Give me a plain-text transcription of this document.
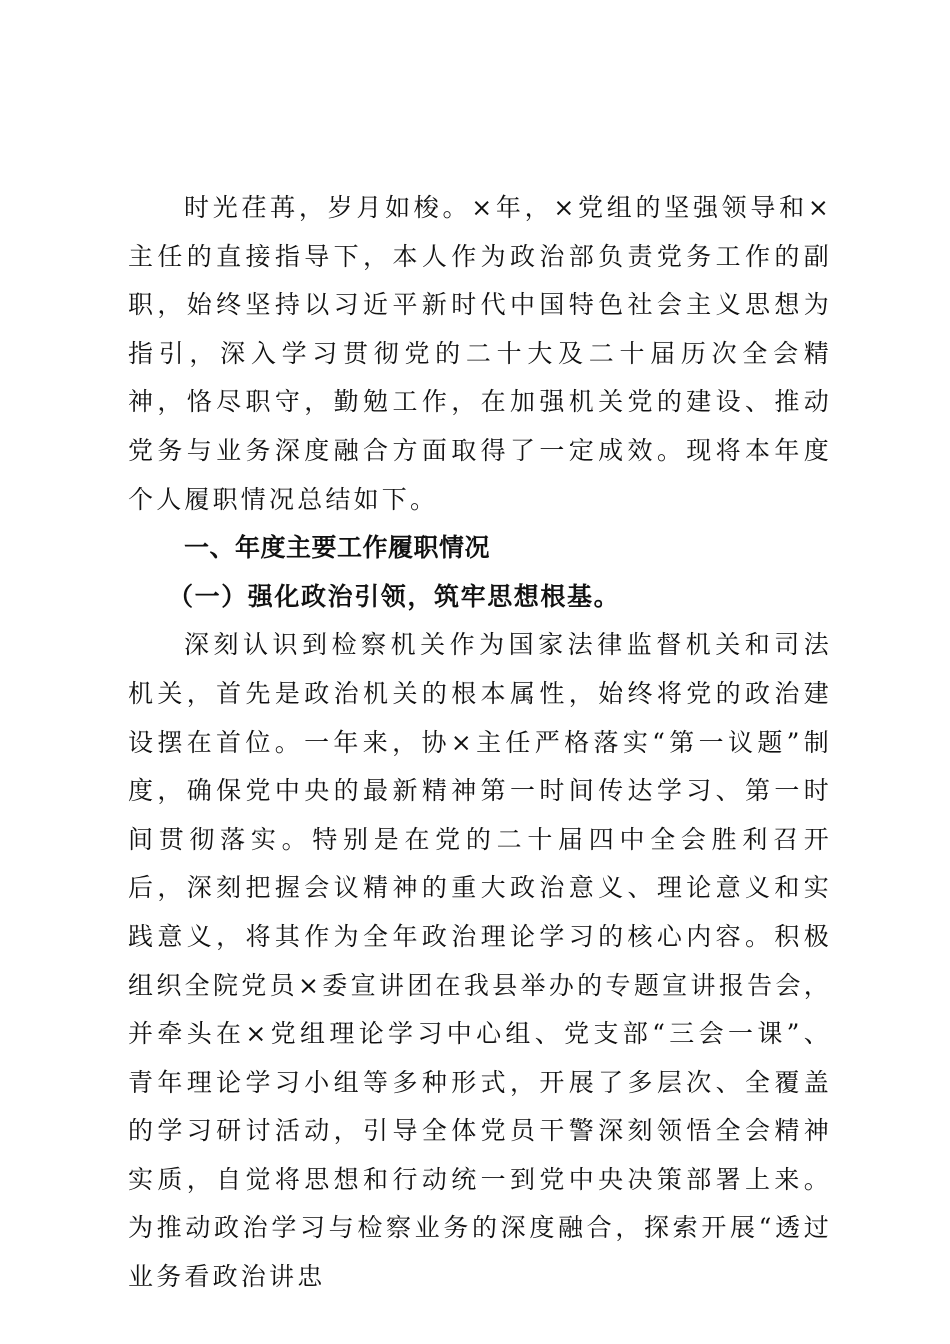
时光荏苒，岁月如梭。×年，×党组的坚强领导和×主任的直接指导下，本人作为政治部负责党务工作的副职，始终坚持以习近平新时代中国特色社会主义思想为指引，深入学习贯彻党的二十大及二十届历次全会精神，恪尽职守，勤勉工作，在加强机关党的建设、推动党务与业务深度融合方面取得了一定成效。现将本年度个人履职情况总结如下。

一、年度主要工作履职情况

（一）强化政治引领，筑牢思想根基。

深刻认识到检察机关作为国家法律监督机关和司法机关，首先是政治机关的根本属性，始终将党的政治建设摆在首位。一年来，协×主任严格落实“第一议题”制度，确保党中央的最新精神第一时间传达学习、第一时间贯彻落实。特别是在党的二十届四中全会胜利召开后，深刻把握会议精神的重大政治意义、理论意义和实践意义，将其作为全年政治理论学习的核心内容。积极组织全院党员×委宣讲团在我县举办的专题宣讲报告会，并牵头在×党组理论学习中心组、党支部“三会一课”、青年理论学习小组等多种形式，开展了多层次、全覆盖的学习研讨活动，引导全体党员干警深刻领悟全会精神实质，自觉将思想和行动统一到党中央决策部署上来。为推动政治学习与检察业务的深度融合，探索开展“透过业务看政治讲忠
